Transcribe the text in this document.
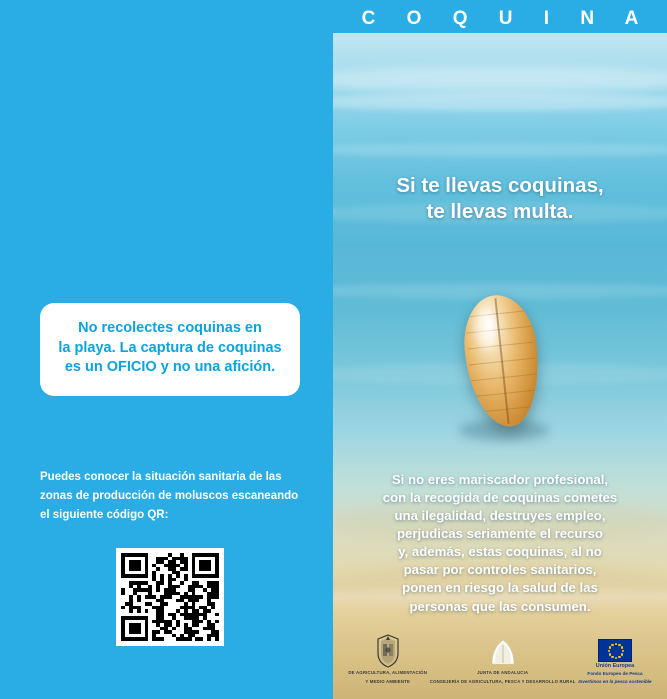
No recolectes coquinas en
la playa. La captura de coquinas
es un OFICIO y no una afición.
Puedes conocer la situación sanitaria de las zonas de producción de moluscos escaneando el siguiente código QR:
C O Q U I N A
Si te llevas coquinas,
te llevas multa.
Si no eres mariscador profesional,
con la recogida de coquinas cometes
una ilegalidad, destruyes empleo,
perjudicas seriamente el recurso
y, además, estas coquinas, al no
pasar por controles sanitarios,
ponen en riesgo la salud de las
personas que las consumen.
DE AGRICULTURA, ALIMENTACIÓN
Y MEDIO AMBIENTE
JUNTA DE ANDALUCIA
CONSEJERÍA DE AGRICULTURA, PESCA Y DESARROLLO RURAL
Unión Europea
Fondo Europeo de Pesca
Invertimos en la pesca sostenible
